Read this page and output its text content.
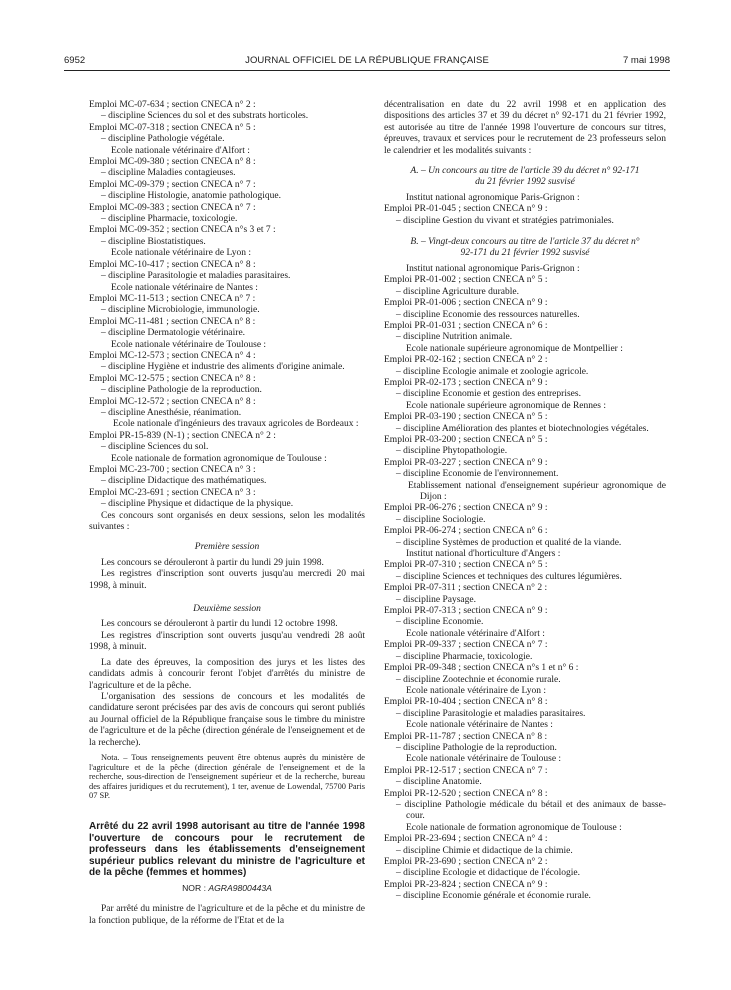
6952	JOURNAL OFFICIEL DE LA RÉPUBLIQUE FRANÇAISE	7 mai 1998

Emploi MC-07-634 ; section CNECA n° 2 :

– discipline Sciences du sol et des substrats horticoles.

Emploi MC-07-318 ; section CNECA n° 5 :

– discipline Pathologie végétale.

Ecole nationale vétérinaire d'Alfort :

Emploi MC-09-380 ; section CNECA n° 8 :

– discipline Maladies contagieuses.

Emploi MC-09-379 ; section CNECA n° 7 :

– discipline Histologie, anatomie pathologique.

Emploi MC-09-383 ; section CNECA n° 7 :

– discipline Pharmacie, toxicologie.

Emploi MC-09-352 ; section CNECA n°s 3 et 7 :

– discipline Biostatistiques.

Ecole nationale vétérinaire de Lyon :

Emploi MC-10-417 ; section CNECA n° 8 :

– discipline Parasitologie et maladies parasitaires.

Ecole nationale vétérinaire de Nantes :

Emploi MC-11-513 ; section CNECA n° 7 :

– discipline Microbiologie, immunologie.

Emploi MC-11-481 ; section CNECA n° 8 :

– discipline Dermatologie vétérinaire.

Ecole nationale vétérinaire de Toulouse :

Emploi MC-12-573 ; section CNECA n° 4 :

– discipline Hygiène et industrie des aliments d'origine animale.

Emploi MC-12-575 ; section CNECA n° 8 :

– discipline Pathologie de la reproduction.

Emploi MC-12-572 ; section CNECA n° 8 :

– discipline Anesthésie, réanimation.

Ecole nationale d'ingénieurs des travaux agricoles de Bordeaux :

Emploi PR-15-839 (N-1) ; section CNECA n° 2 :

– discipline Sciences du sol.

Ecole nationale de formation agronomique de Toulouse :

Emploi MC-23-700 ; section CNECA n° 3 :

– discipline Didactique des mathématiques.

Emploi MC-23-691 ; section CNECA n° 3 :

– discipline Physique et didactique de la physique.

Ces concours sont organisés en deux sessions, selon les modalités suivantes :

Première session

Les concours se dérouleront à partir du lundi 29 juin 1998.

Les registres d'inscription sont ouverts jusqu'au mercredi 20 mai 1998, à minuit.

Deuxième session

Les concours se dérouleront à partir du lundi 12 octobre 1998.

Les registres d'inscription sont ouverts jusqu'au vendredi 28 août 1998, à minuit.

La date des épreuves, la composition des jurys et les listes des candidats admis à concourir feront l'objet d'arrêtés du ministre de l'agriculture et de la pêche.

L'organisation des sessions de concours et les modalités de candidature seront précisées par des avis de concours qui seront publiés au Journal officiel de la République française sous le timbre du ministre de l'agriculture et de la pêche (direction générale de l'enseignement et de la recherche).

Nota. – Tous renseignements peuvent être obtenus auprès du ministère de l'agriculture et de la pêche (direction générale de l'enseignement et de la recherche, sous-direction de l'enseignement supérieur et de la recherche, bureau des affaires juridiques et du recrutement), 1 ter, avenue de Lowendal, 75700 Paris 07 SP.

Arrêté du 22 avril 1998 autorisant au titre de l'année 1998 l'ouverture de concours pour le recrutement de professeurs dans les établissements d'enseignement supérieur publics relevant du ministre de l'agriculture et de la pêche (femmes et hommes)

NOR : AGRA9800443A

Par arrêté du ministre de l'agriculture et de la pêche et du ministre de la fonction publique, de la réforme de l'Etat et de la

décentralisation en date du 22 avril 1998 et en application des dispositions des articles 37 et 39 du décret n° 92-171 du 21 février 1992, est autorisée au titre de l'année 1998 l'ouverture de concours sur titres, épreuves, travaux et services pour le recrutement de 23 professeurs selon le calendrier et les modalités suivants :

A. – Un concours au titre de l'article 39 du décret n° 92-171 du 21 février 1992 susvisé

Institut national agronomique Paris-Grignon :

Emploi PR-01-045 ; section CNECA n° 9 :

– discipline Gestion du vivant et stratégies patrimoniales.

B. – Vingt-deux concours au titre de l'article 37 du décret n° 92-171 du 21 février 1992 susvisé

Institut national agronomique Paris-Grignon :

Emploi PR-01-002 ; section CNECA n° 5 :

– discipline Agriculture durable.

Emploi PR-01-006 ; section CNECA n° 9 :

– discipline Economie des ressources naturelles.

Emploi PR-01-031 ; section CNECA n° 6 :

– discipline Nutrition animale.

Ecole nationale supérieure agronomique de Montpellier :

Emploi PR-02-162 ; section CNECA n° 2 :

– discipline Ecologie animale et zoologie agricole.

Emploi PR-02-173 ; section CNECA n° 9 :

– discipline Economie et gestion des entreprises.

Ecole nationale supérieure agronomique de Rennes :

Emploi PR-03-190 ; section CNECA n° 5 :

– discipline Amélioration des plantes et biotechnologies végétales.

Emploi PR-03-200 ; section CNECA n° 5 :

– discipline Phytopathologie.

Emploi PR-03-227 ; section CNECA n° 9 :

– discipline Economie de l'environnement.

Etablissement national d'enseignement supérieur agronomique de Dijon :

Emploi PR-06-276 ; section CNECA n° 9 :

– discipline Sociologie.

Emploi PR-06-274 ; section CNECA n° 6 :

– discipline Systèmes de production et qualité de la viande.

Institut national d'horticulture d'Angers :

Emploi PR-07-310 ; section CNECA n° 5 :

– discipline Sciences et techniques des cultures légumières.

Emploi PR-07-311 ; section CNECA n° 2 :

– discipline Paysage.

Emploi PR-07-313 ; section CNECA n° 9 :

– discipline Economie.

Ecole nationale vétérinaire d'Alfort :

Emploi PR-09-337 ; section CNECA n° 7 :

– discipline Pharmacie, toxicologie.

Emploi PR-09-348 ; section CNECA n°s 1 et n° 6 :

– discipline Zootechnie et économie rurale.

Ecole nationale vétérinaire de Lyon :

Emploi PR-10-404 ; section CNECA n° 8 :

– discipline Parasitologie et maladies parasitaires.

Ecole nationale vétérinaire de Nantes :

Emploi PR-11-787 ; section CNECA n° 8 :

– discipline Pathologie de la reproduction.

Ecole nationale vétérinaire de Toulouse :

Emploi PR-12-517 ; section CNECA n° 7 :

– discipline Anatomie.

Emploi PR-12-520 ; section CNECA n° 8 :

– discipline Pathologie médicale du bétail et des animaux de basse-cour.

Ecole nationale de formation agronomique de Toulouse :

Emploi PR-23-694 ; section CNECA n° 4 :

– discipline Chimie et didactique de la chimie.

Emploi PR-23-690 ; section CNECA n° 2 :

– discipline Ecologie et didactique de l'écologie.

Emploi PR-23-824 ; section CNECA n° 9 :

– discipline Economie générale et économie rurale.
